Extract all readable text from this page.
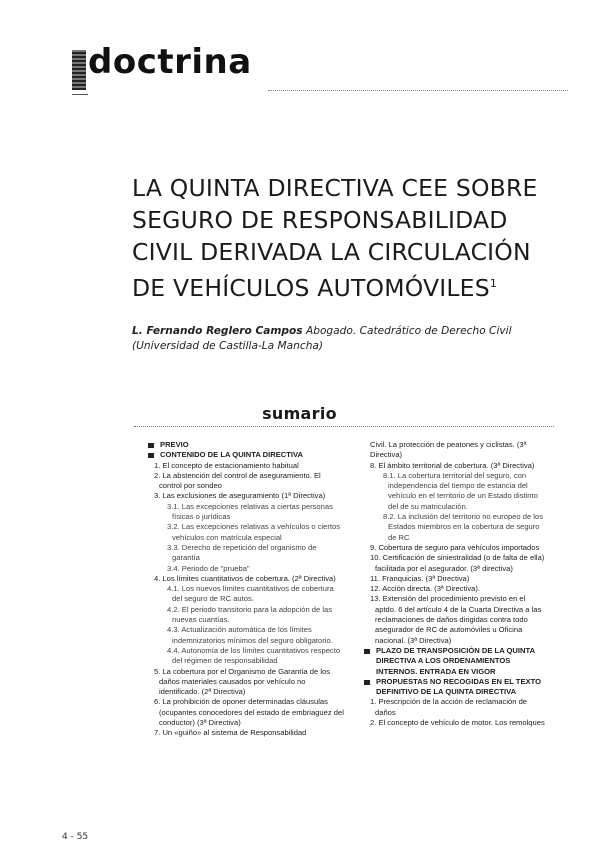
doctrina
LA QUINTA DIRECTIVA CEE SOBRE
SEGURO DE RESPONSABILIDAD
CIVIL DERIVADA LA CIRCULACIÓN
DE VEHÍCULOS AUTOMÓVILES$^1$
L. Fernando Reglero Campos Abogado. Catedrático de Derecho Civil
(Universidad de Castilla-La Mancha)
sumario
PREVIO
CONTENIDO DE LA QUINTA DIRECTIVA
1. El concepto de estacionamiento habitual
2. La abstención del control de aseguramiento. El control por sondeo
3. Las exclusiones de aseguramiento (1ª Directiva)
3.1. Las excepciones relativas a ciertas personas físicas o jurídicas
3.2. Las excepciones relativas a vehículos o ciertos vehículos con matrícula especial
3.3. Derecho de repetición del organismo de garantía
3.4. Periodo de "prueba"
4. Los límites cuantitativos de cobertura. (2ª Directiva)
4.1. Los nuevos límites cuantitativos de cobertura del seguro de RC autos.
4.2. El periodo transitorio para la adopción de las nuevas cuantías.
4.3. Actualización automática de los límites indemnizatorios mínimos del seguro obligatorio.
4.4. Autonomía de los límites cuantitativos respecto del régimen de responsabilidad
5. La cobertura por el Organismo de Garantía de los daños materiales causados por vehículo no identificado. (2ª Directiva)
6. La prohibición de oponer determinadas cláusulas (ocupantes conocedores del estado de embriaguez del conductor) (3ª Directiva)
7. Un «guiño» al sistema de Responsabilidad
Civil. La protección de peatones y ciclistas. (3ª Directiva)
8. El ámbito territorial de cobertura. (3ª Directiva)
8.1. La cobertura territorial del seguro, con independencia del tiempo de estancia del vehículo en el territorio de un Estado distinto del de su matriculación.
8.2. La inclusión del territorio no europeo de los Estados miembros en la cobertura de seguro de RC
9. Cobertura de seguro para vehículos importados
10. Certificación de siniestralidad (o de falta de ella) facilitada por el asegurador. (3ª directiva)
11. Franquicias. (3ª Directiva)
12. Acción directa. (3ª Directiva).
13. Extensión del procedimiento previsto en el aptdo. 6 del artículo 4 de la Cuarta Directiva a las reclamaciones de daños dirigidas contra todo asegurador de RC de automóviles u Oficina nacional. (3ª Directiva)
PLAZO DE TRANSPOSICIÓN DE LA QUINTA DIRECTIVA A LOS ORDENAMIENTOS INTERNOS. ENTRADA EN VIGOR
PROPUESTAS NO RECOGIDAS EN EL TEXTO DEFINITIVO DE LA QUINTA DIRECTIVA
1. Prescripción de la acción de reclamación de daños
2. El concepto de vehículo de motor. Los remolques
4 - 55
